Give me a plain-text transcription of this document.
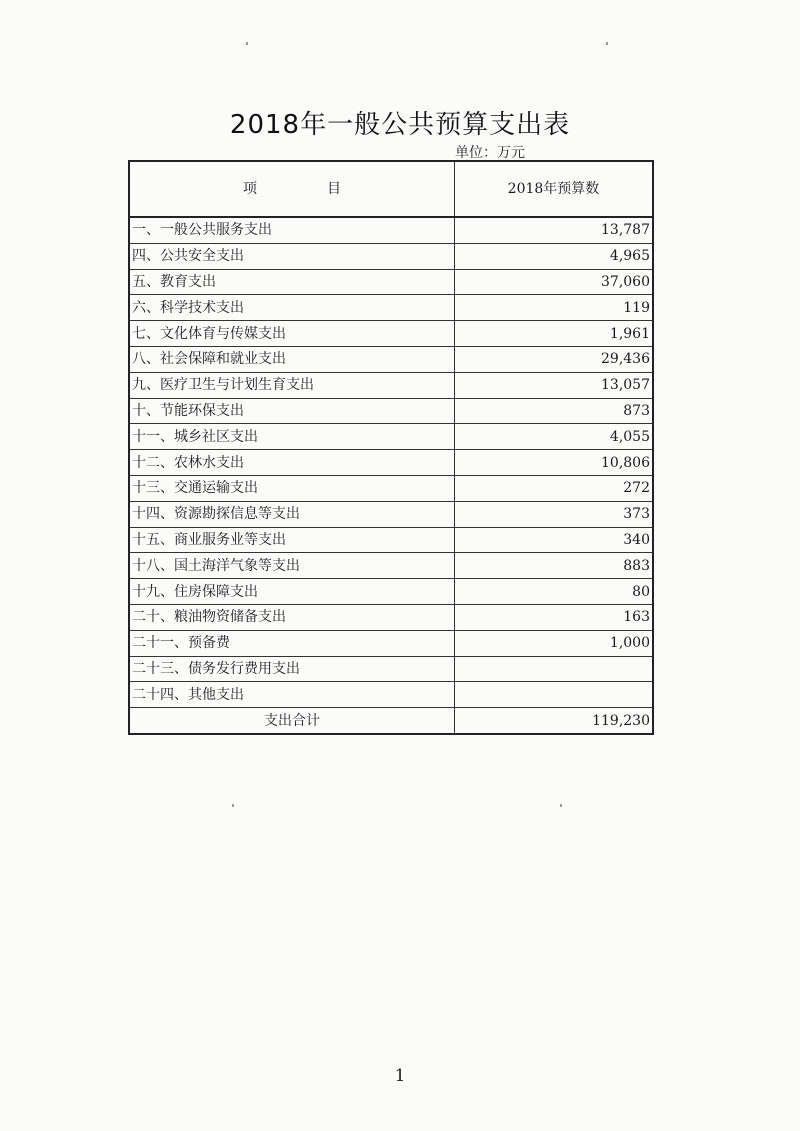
2018年一般公共预算支出表
单位：万元
项 目	2018年预算数
一、一般公共服务支出	13,787
四、公共安全支出	4,965
五、教育支出	37,060
六、科学技术支出	119
七、文化体育与传媒支出	1,961
八、社会保障和就业支出	29,436
九、医疗卫生与计划生育支出	13,057
十、节能环保支出	873
十一、城乡社区支出	4,055
十二、农林水支出	10,806
十三、交通运输支出	272
十四、资源勘探信息等支出	373
十五、商业服务业等支出	340
十八、国土海洋气象等支出	883
十九、住房保障支出	80
二十、粮油物资储备支出	163
二十一、预备费	1,000
二十三、债务发行费用支出	
二十四、其他支出	
支出合计	119,230
1
